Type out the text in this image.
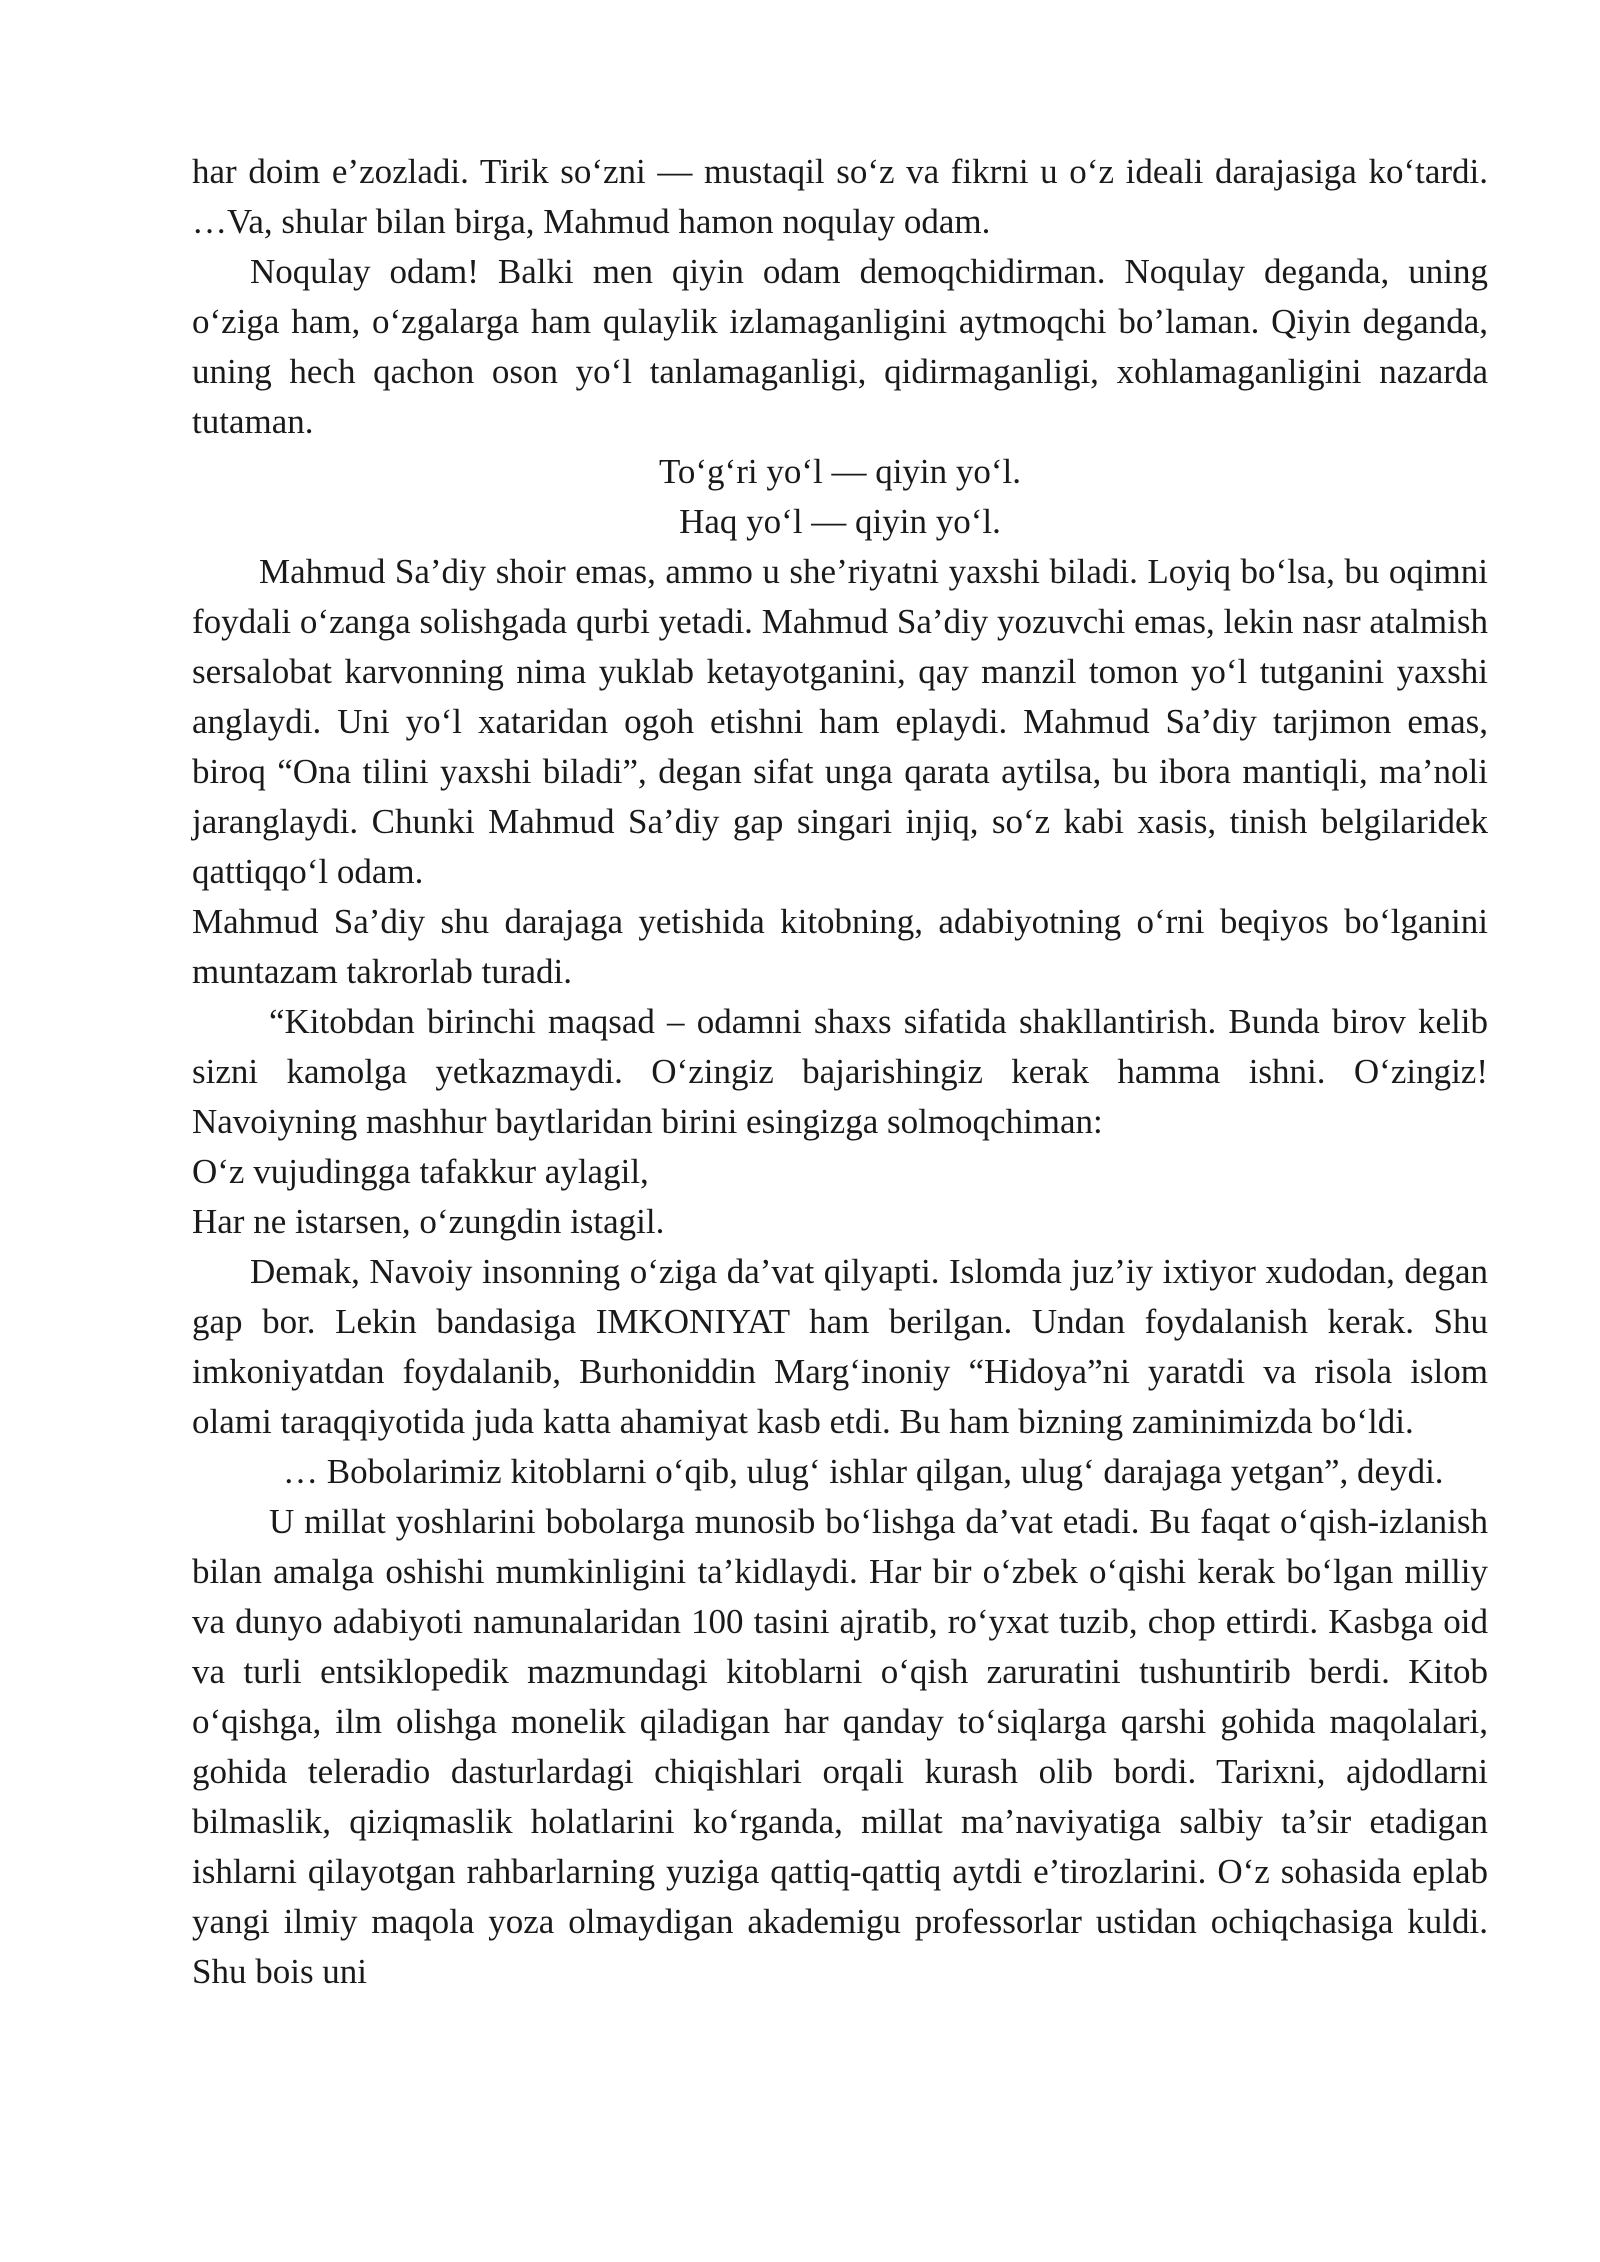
har doim e’zozladi. Tirik so‘zni — mustaqil so‘z va fikrni u o‘z ideali darajasiga ko‘tardi. …Va, shular bilan birga, Mahmud hamon noqulay odam.

Noqulay odam! Balki men qiyin odam demoqchidirman. Noqulay deganda, uning o‘ziga ham, o‘zgalarga ham qulaylik izlamaganligini aytmoqchi bo’laman. Qiyin deganda, uning hech qachon oson yo‘l tanlamaganligi, qidirmaganligi, xohlamaganligini nazarda tutaman.

To‘g‘ri yo‘l — qiyin yo‘l.

Haq yo‘l — qiyin yo‘l.

Mahmud Sa’diy shoir emas, ammo u she’riyatni yaxshi biladi. Loyiq bo‘lsa, bu oqimni foydali o‘zanga solishgada qurbi yetadi. Mahmud Sa’diy yozuvchi emas, lekin nasr atalmish sersalobat karvonning nima yuklab ketayotganini, qay manzil tomon yo‘l tutganini yaxshi anglaydi. Uni yo‘l xataridan ogoh etishni ham eplaydi. Mahmud Sa’diy tarjimon emas, biroq “Ona tilini yaxshi biladi”, degan sifat unga qarata aytilsa, bu ibora mantiqli, ma’noli jaranglaydi. Chunki Mahmud Sa’diy gap singari injiq, so‘z kabi xasis, tinish belgilaridek qattiqqo‘l odam.

Mahmud Sa’diy shu darajaga yetishida kitobning, adabiyotning o‘rni beqiyos bo‘lganini muntazam takrorlab turadi.

“Kitobdan birinchi maqsad – odamni shaxs sifatida shakllantirish. Bunda birov kelib sizni kamolga yetkazmaydi. O‘zingiz bajarishingiz kerak hamma ishni. O‘zingiz! Navoiyning mashhur baytlaridan birini esingizga solmoqchiman:

O‘z vujudingga tafakkur aylagil,

Har ne istarsen, o‘zungdin istagil.

Demak, Navoiy insonning o‘ziga da’vat qilyapti. Islomda juz’iy ixtiyor xudodan, degan gap bor. Lekin bandasiga IMKONIYAT ham berilgan. Undan foydalanish kerak. Shu imkoniyatdan foydalanib, Burhoniddin Marg‘inoniy “Hidoya”ni yaratdi va risola islom olami taraqqiyotida juda katta ahamiyat kasb etdi. Bu ham bizning zaminimizda bo‘ldi.

… Bobolarimiz kitoblarni o‘qib, ulug‘ ishlar qilgan, ulug‘ darajaga yetgan”, deydi.

U millat yoshlarini bobolarga munosib bo‘lishga da’vat etadi. Bu faqat o‘qish-izlanish bilan amalga oshishi mumkinligini ta’kidlaydi. Har bir o‘zbek o‘qishi kerak bo‘lgan milliy va dunyo adabiyoti namunalaridan 100 tasini ajratib, ro‘yxat tuzib, chop ettirdi. Kasbga oid va turli entsiklopedik mazmundagi kitoblarni o‘qish zaruratini tushuntirib berdi. Kitob o‘qishga, ilm olishga monelik qiladigan har qanday to‘siqlarga qarshi gohida maqolalari, gohida teleradio dasturlardagi chiqishlari orqali kurash olib bordi. Tarixni, ajdodlarni bilmaslik, qiziqmaslik holatlarini ko‘rganda, millat ma’naviyatiga salbiy ta’sir etadigan ishlarni qilayotgan rahbarlarning yuziga qattiq-qattiq aytdi e’tirozlarini. O‘z sohasida eplab yangi ilmiy maqola yoza olmaydigan akademigu professorlar ustidan ochiqchasiga kuldi. Shu bois uni
